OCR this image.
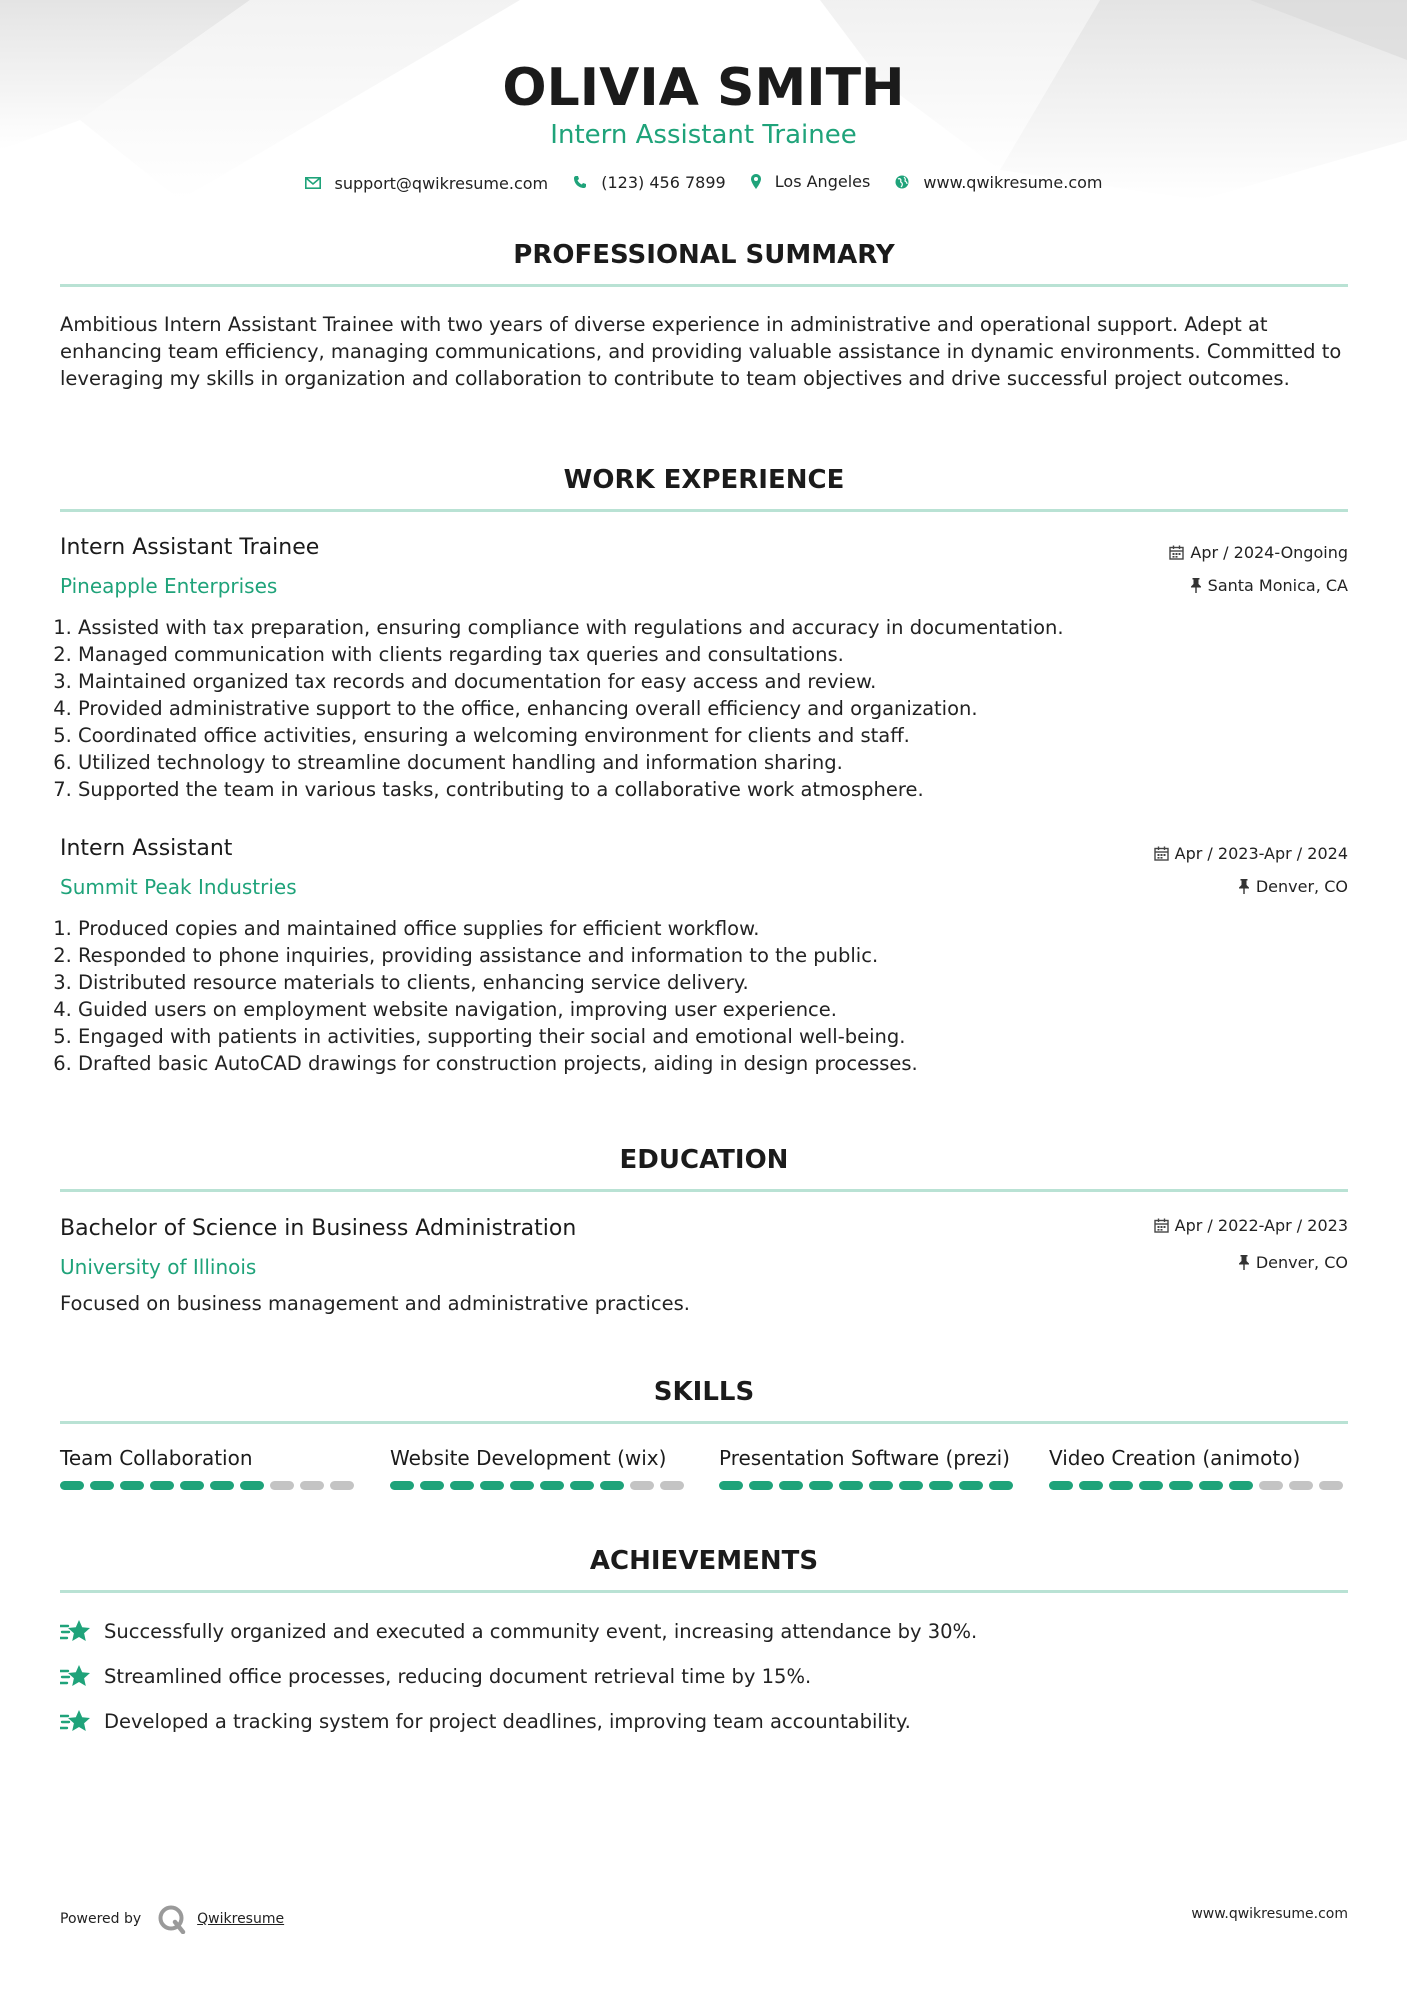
OLIVIA SMITH
Intern Assistant Trainee
support@qwikresume.com
	(123) 456 7899
	Los Angeles
	www.qwikresume.com
PROFESSIONAL SUMMARY

Ambitious Intern Assistant Trainee with two years of diverse experience in administrative and operational support. Adept at enhancing team efficiency, managing communications, and providing valuable assistance in dynamic environments. Committed to leveraging my skills in organization and collaboration to contribute to team objectives and drive successful project outcomes.

WORK EXPERIENCE
Intern Assistant Trainee
Pineapple Enterprises
Apr / 2024-Ongoing
Santa Monica, CA
1. Assisted with tax preparation, ensuring compliance with regulations and accuracy in documentation.
2. Managed communication with clients regarding tax queries and consultations.
3. Maintained organized tax records and documentation for easy access and review.
4. Provided administrative support to the office, enhancing overall efficiency and organization.
5. Coordinated office activities, ensuring a welcoming environment for clients and staff.
6. Utilized technology to streamline document handling and information sharing.
7. Supported the team in various tasks, contributing to a collaborative work atmosphere.
Intern Assistant
Summit Peak Industries
Apr / 2023-Apr / 2024
Denver, CO
1. Produced copies and maintained office supplies for efficient workflow.
2. Responded to phone inquiries, providing assistance and information to the public.
3. Distributed resource materials to clients, enhancing service delivery.
4. Guided users on employment website navigation, improving user experience.
5. Engaged with patients in activities, supporting their social and emotional well-being.
6. Drafted basic AutoCAD drawings for construction projects, aiding in design processes.
EDUCATION
Bachelor of Science in Business Administration
University of Illinois
Apr / 2022-Apr / 2023
Denver, CO

Focused on business management and administrative practices.

SKILLS
Team Collaboration	Website Development (wix)	Presentation Software (prezi)	Video Creation (animoto)
ACHIEVEMENTS
Successfully organized and executed a community event, increasing attendance by 30%.
Streamlined office processes, reducing document retrieval time by 15%.
Developed a tracking system for project deadlines, improving team accountability.
Powered by	Qwikresume	www.qwikresume.com
